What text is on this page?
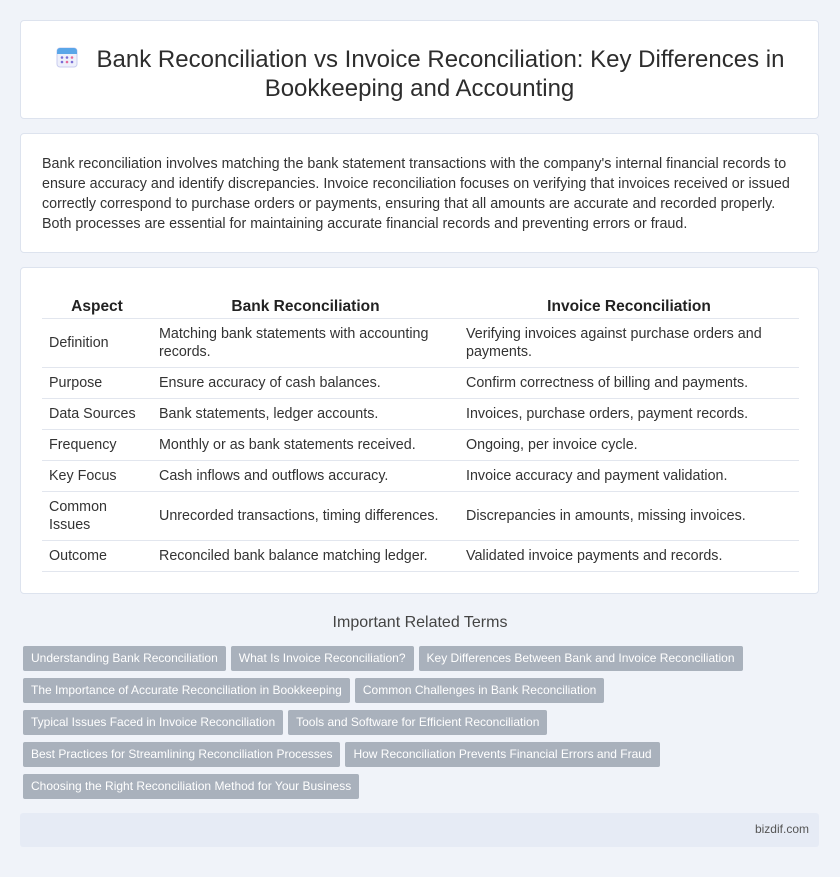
Bank Reconciliation vs Invoice Reconciliation: Key Differences in Bookkeeping and Accounting

Bank reconciliation involves matching the bank statement transactions with the company's internal financial records to ensure accuracy and identify discrepancies. Invoice reconciliation focuses on verifying that invoices received or issued correctly correspond to purchase orders or payments, ensuring that all amounts are accurate and recorded properly. Both processes are essential for maintaining accurate financial records and preventing errors or fraud.

Aspect	Bank Reconciliation	Invoice Reconciliation
Definition	Matching bank statements with accounting records.	Verifying invoices against purchase orders and payments.
Purpose	Ensure accuracy of cash balances.	Confirm correctness of billing and payments.
Data Sources	Bank statements, ledger accounts.	Invoices, purchase orders, payment records.
Frequency	Monthly or as bank statements received.	Ongoing, per invoice cycle.
Key Focus	Cash inflows and outflows accuracy.	Invoice accuracy and payment validation.
Common Issues	Unrecorded transactions, timing differences.	Discrepancies in amounts, missing invoices.
Outcome	Reconciled bank balance matching ledger.	Validated invoice payments and records.
Important Related Terms
Understanding Bank Reconciliation What Is Invoice Reconciliation? Key Differences Between Bank and Invoice Reconciliation
The Importance of Accurate Reconciliation in Bookkeeping Common Challenges in Bank Reconciliation
Typical Issues Faced in Invoice Reconciliation Tools and Software for Efficient Reconciliation
Best Practices for Streamlining Reconciliation Processes How Reconciliation Prevents Financial Errors and Fraud
Choosing the Right Reconciliation Method for Your Business
bizdif.com
